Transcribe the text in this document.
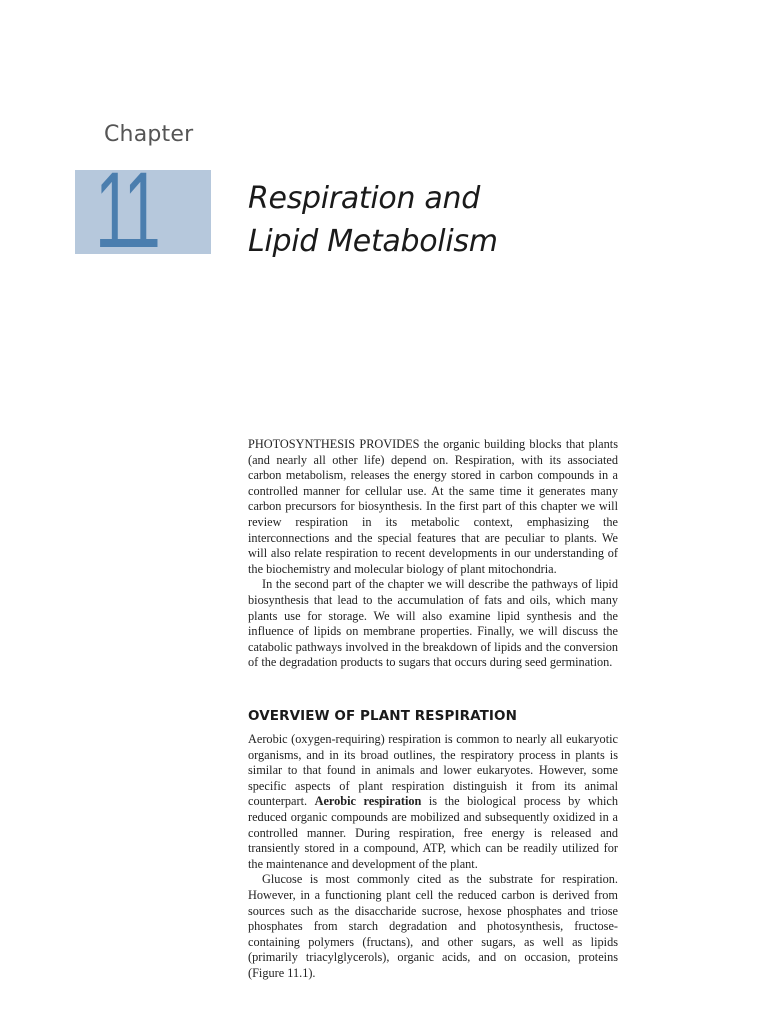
Chapter
11	Respiration and
Lipid Metabolism

PHOTOSYNTHESIS PROVIDES the organic building blocks that plants (and nearly all other life) depend on. Respiration, with its associated carbon metabolism, releases the energy stored in carbon compounds in a controlled manner for cellular use. At the same time it generates many carbon precursors for biosynthesis. In the first part of this chapter we will review respiration in its metabolic context, emphasizing the interconnections and the special features that are peculiar to plants. We will also relate respiration to recent developments in our understanding of the biochemistry and molecular biology of plant mitochondria.

In the second part of the chapter we will describe the pathways of lipid biosynthesis that lead to the accumulation of fats and oils, which many plants use for storage. We will also examine lipid synthesis and the influence of lipids on membrane properties. Finally, we will discuss the catabolic pathways involved in the breakdown of lipids and the conversion of the degradation products to sugars that occurs during seed germination.

OVERVIEW OF PLANT RESPIRATION

Aerobic (oxygen-requiring) respiration is common to nearly all eukaryotic organisms, and in its broad outlines, the respiratory process in plants is similar to that found in animals and lower eukaryotes. However, some specific aspects of plant respiration distinguish it from its animal counterpart. Aerobic respiration is the biological process by which reduced organic compounds are mobilized and subsequently oxidized in a controlled manner. During respiration, free energy is released and transiently stored in a compound, ATP, which can be readily utilized for the maintenance and development of the plant.

Glucose is most commonly cited as the substrate for respiration. However, in a functioning plant cell the reduced carbon is derived from sources such as the disaccharide sucrose, hexose phosphates and triose phosphates from starch degradation and photosynthesis, fructose-containing polymers (fructans), and other sugars, as well as lipids (primarily triacylglycerols), organic acids, and on occasion, proteins (Figure 11.1).
